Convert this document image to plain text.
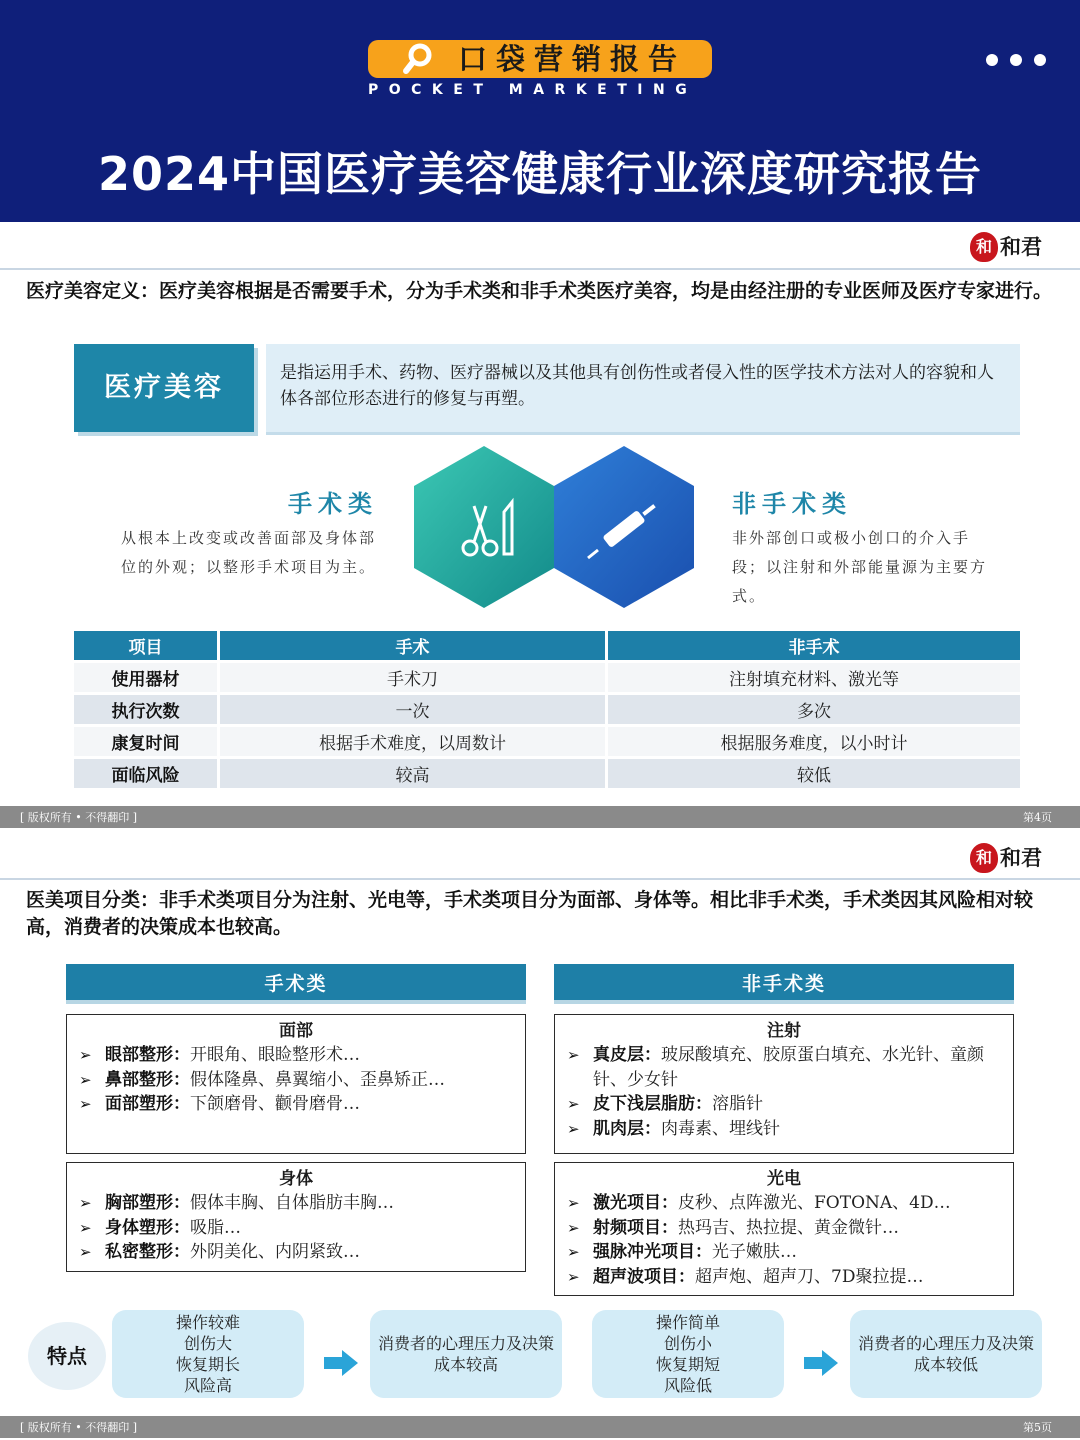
口袋营销报告
POCKET MARKETING
2024中国医疗美容健康行业深度研究报告
和 和君
医疗美容定义：医疗美容根据是否需要手术，分为手术类和非手术类医疗美容，均是由经注册的专业医师及医疗专家进行。
医疗美容	是指运用手术、药物、医疗器械以及其他具有创伤性或者侵入性的医学技术方法对人的容貌和人体各部位形态进行的修复与再塑。
手术类
从根本上改变或改善面部及身体部位的外观；以整形手术项目为主。
非手术类
非外部创口或极小创口的介入手段；以注射和外部能量源为主要方式。
项目	手术	非手术
使用器材	手术刀	注射填充材料、激光等
执行次数	一次	多次
康复时间	根据手术难度，以周数计	根据服务难度，以小时计
面临风险	较高	较低
[ 版权所有 • 不得翻印 ]	第4页
和 和君
医美项目分类：非手术类项目分为注射、光电等，手术类项目分为面部、身体等。相比非手术类，手术类因其风险相对较高，消费者的决策成本也较高。
手术类	非手术类
面部
➢ 眼部整形：开眼角、眼睑整形术…
➢ 鼻部整形：假体隆鼻、鼻翼缩小、歪鼻矫正…
➢ 面部塑形：下颌磨骨、颧骨磨骨…
身体
➢ 胸部塑形：假体丰胸、自体脂肪丰胸…
➢ 身体塑形：吸脂…
➢ 私密整形：外阴美化、内阴紧致…
注射
➢ 真皮层：玻尿酸填充、胶原蛋白填充、水光针、童颜针、少女针
➢ 皮下浅层脂肪：溶脂针
➢ 肌肉层：肉毒素、埋线针
光电
➢ 激光项目：皮秒、点阵激光、FOTONA、4D…
➢ 射频项目：热玛吉、热拉提、黄金微针…
➢ 强脉冲光项目：光子嫩肤…
➢ 超声波项目：超声炮、超声刀、7D聚拉提…
特点
操作较难
创伤大
恢复期长
风险高
消费者的心理压力及决策成本较高
操作简单
创伤小
恢复期短
风险低
消费者的心理压力及决策成本较低
[ 版权所有 • 不得翻印 ]	第5页
